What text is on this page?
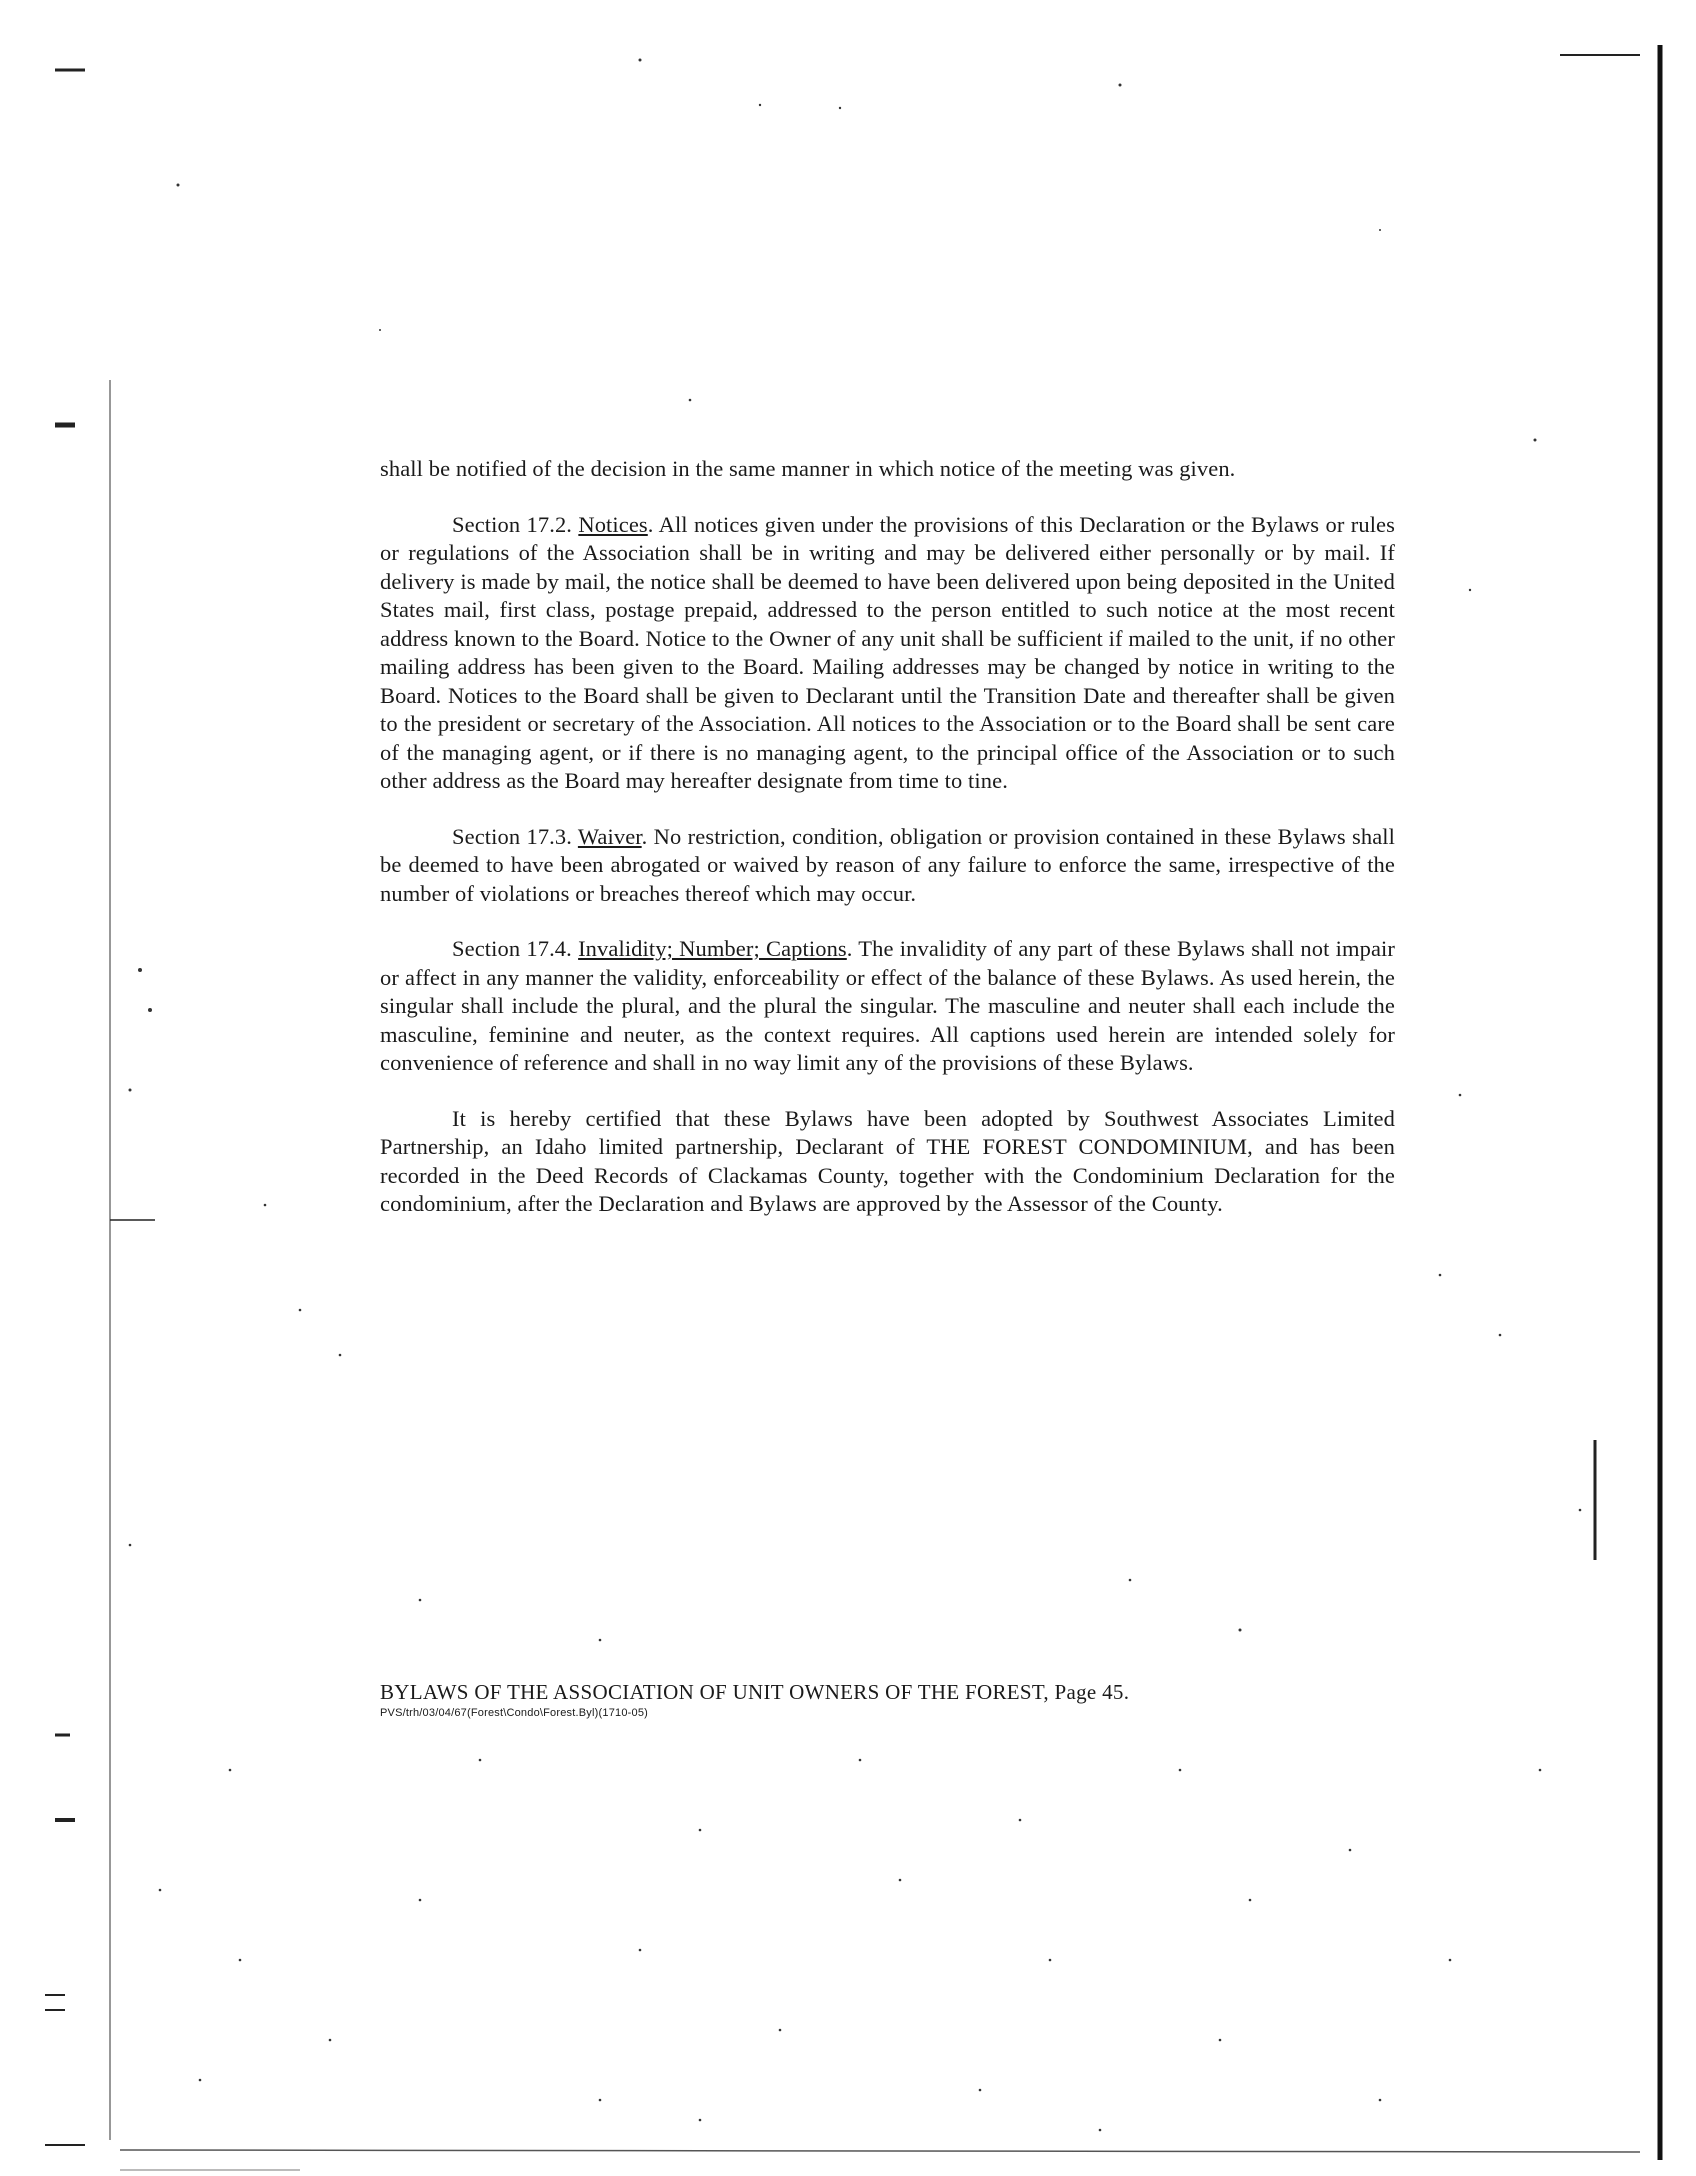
shall be notified of the decision in the same manner in which notice of the meeting was given.

Section 17.2. Notices. All notices given under the provisions of this Declaration or the Bylaws or rules or regulations of the Association shall be in writing and may be delivered either personally or by mail. If delivery is made by mail, the notice shall be deemed to have been delivered upon being deposited in the United States mail, first class, postage prepaid, addressed to the person entitled to such notice at the most recent address known to the Board. Notice to the Owner of any unit shall be sufficient if mailed to the unit, if no other mailing address has been given to the Board. Mailing addresses may be changed by notice in writing to the Board. Notices to the Board shall be given to Declarant until the Transition Date and thereafter shall be given to the president or secretary of the Association. All notices to the Association or to the Board shall be sent care of the managing agent, or if there is no managing agent, to the principal office of the Association or to such other address as the Board may hereafter designate from time to tine.

Section 17.3. Waiver. No restriction, condition, obligation or provision contained in these Bylaws shall be deemed to have been abrogated or waived by reason of any failure to enforce the same, irrespective of the number of violations or breaches thereof which may occur.

Section 17.4. Invalidity; Number; Captions. The invalidity of any part of these Bylaws shall not impair or affect in any manner the validity, enforceability or effect of the balance of these Bylaws. As used herein, the singular shall include the plural, and the plural the singular. The masculine and neuter shall each include the masculine, feminine and neuter, as the context requires. All captions used herein are intended solely for convenience of reference and shall in no way limit any of the provisions of these Bylaws.

It is hereby certified that these Bylaws have been adopted by Southwest Associates Limited Partnership, an Idaho limited partnership, Declarant of THE FOREST CONDOMINIUM, and has been recorded in the Deed Records of Clackamas County, together with the Condominium Declaration for the condominium, after the Declaration and Bylaws are approved by the Assessor of the County.

BYLAWS OF THE ASSOCIATION OF UNIT OWNERS OF THE FOREST, Page 45.
PVS/trh/03/04/67(Forest\Condo\Forest.Byl)(1710-05)
